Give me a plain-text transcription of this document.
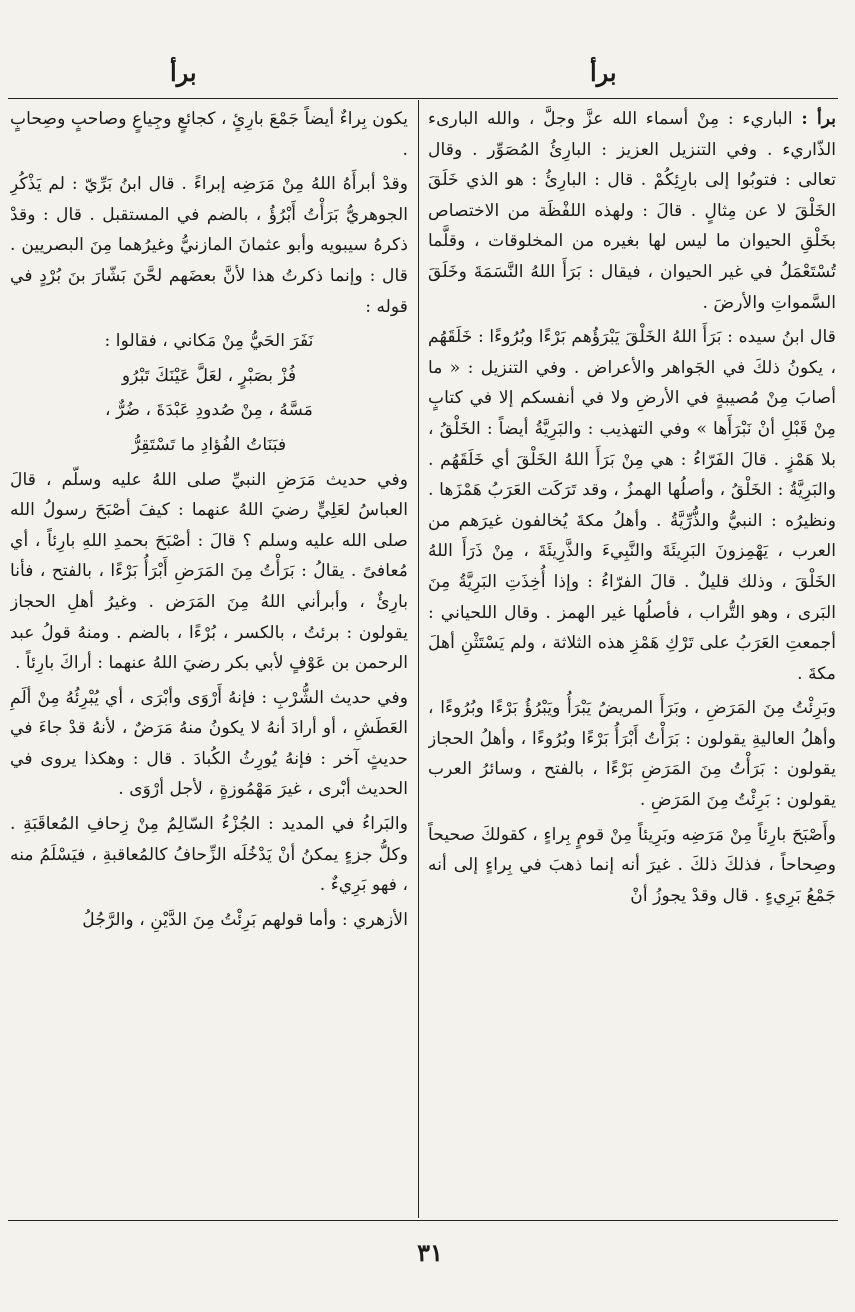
برأ
برأ

برأ : الباريء : مِنْ أسماء الله عزَّ وجلَّ ، والله البارىء الذّاريء . وفي التنزيل العزيز : البارِئُ المُصَوِّر . وقال تعالى : فتوبُوا إلى بارِئِكُمْ . قال : البارِئُ : هو الذي خَلَقَ الخَلْقَ لا عن مِثالٍ . قالَ : ولهذه اللفْظَة من الاختصاص بخَلْقِ الحيوان ما ليس لها بغيره من المخلوقات ، وقلَّما تُسْتَعْمَلُ في غير الحيوان ، فيقال : بَرَأَ اللهُ النَّسَمَةَ وخَلَقَ السَّمواتِ والأرضَ .

قال ابنُ سيده : بَرَأَ اللهُ الخَلْقَ يَبْرَؤُهم بَرْءًا وبُرُوءًا : خَلَقَهُم ، يكونُ ذلكَ في الجَواهر والأعراض . وفي التنزيل : « ما أصابَ مِنْ مُصيبةٍ في الأرضِ ولا في أنفسكم إلا في كتابٍ مِنْ قَبْلِ أنْ نَبْرَأَها » وفي التهذيب : والبَرِيَّةُ أيضاً : الخَلْقُ ، بلا هَمْزٍ . قالَ الفَرّاءُ : هي مِنْ بَرَأَ اللهُ الخَلْقَ أي خَلَقَهُم . والبَرِيَّةُ : الخَلْقُ ، وأصلُها الهمزُ ، وقد تَرَكَت العَرَبُ هَمْزَها . ونظيرُه : النبيُّ والذُّرِّيَّةُ . وأهلُ مكةَ يُخالفون غيرَهم من العرب ، يَهْمِزونَ البَرِيئَةَ والنَّبِيءَ والذَّرِيئَةَ ، مِنْ ذَرَأَ اللهُ الخَلْقَ ، وذلك قليلٌ . قالَ الفرّاءُ : وإذا أُخِذَتِ البَرِيَّةُ مِنَ البَرى ، وهو التُّراب ، فأصلُها غير الهمز . وقال اللحياني : أجمعتِ العَرَبُ على تَرْكِ هَمْزِ هذه الثلاثة ، ولم يَسْتَثْنِ أهلَ مكةَ .

وبَرِئْتُ مِنَ المَرَضِ ، وبَرَأَ المريضُ يَبْرَأُ ويَبْرُؤُ بَرْءًا وبُرُوءًا ، وأهلُ العاليةِ يقولون : بَرَأْتُ أَبْرَأُ بَرْءًا وبُرُوءًا ، وأهلُ الحجاز يقولون : بَرَأْتُ مِنَ المَرَضِ بَرْءًا ، بالفتح ، وسائرُ العرب يقولون : بَرِئْتُ مِنَ المَرَضِ .

وأَصْبَحَ بارِئاً مِنْ مَرَضِه وبَرِيئاً مِنْ قومٍ بِراءٍ ، كقولكَ صحيحاً وصِحاحاً ، فذلكَ ذلكَ . غيرَ أنه إنما ذهبَ في بِراءٍ إلى أنه جَمْعُ بَرِيءٍ . قال وقدْ يجوزُ أنْ

يكون بِراءٌ أيضاً جَمْعَ بارِئٍ ، كجائعٍ وجِياعٍ وصاحبٍ وصِحابٍ .

وقدْ أبرأَهُ اللهُ مِنْ مَرَضِه إبراءً . قال ابنُ بَرِّيّ : لم يَذْكُرِ الجوهريُّ بَرَأْتُ أَبْرُؤُ ، بالضم في المستقبل . قال : وقدْ ذكرهُ سيبويه وأبو عثمانَ المازنيُّ وغيرُهما مِنَ البصريين . قال : وإنما ذكرتُ هذا لأنَّ بعضَهم لحَّنَ بَشّارَ بنَ بُرْدٍ في قوله :

نَفَرَ الحَيُّ مِنْ مَكاني ، فقالوا :
فُزْ بصَبْرٍ ، لعَلَّ عَيْنَكَ تَبْرُو
مَسَّهُ ، مِنْ صُدودِ عَبْدَةَ ، ضُرٌّ ،
فبَنَاتُ الفُؤادِ ما تَسْتَقِرُّ

وفي حديث مَرَضِ النبيِّ صلى اللهُ عليه وسلّم ، قالَ العباسُ لعَلِيٍّ رضيَ اللهُ عنهما : كيفَ أصْبَحَ رسولُ الله صلى الله عليه وسلم ؟ قالَ : أصْبَحَ بحمدِ اللهِ بارِئاً ، أي مُعافىً . يقالُ : بَرَأْتُ مِنَ المَرَضِ أَبْرَأُ بَرْءًا ، بالفتح ، فأنا بارِئٌ ، وأبرأني اللهُ مِنَ المَرَض . وغيرُ أهلِ الحجاز يقولون : برئتُ ، بالكسر ، بُرْءًا ، بالضم . ومنهُ قولُ عبد الرحمن بن عَوْفٍ لأبي بكر رضيَ اللهُ عنهما : أراكَ بارِئاً .

وفي حديث الشُّرْبِ : فإنهُ أَرْوَى وأبْرَى ، أي يُبْرِئُهُ مِنْ ألَمِ العَطَشِ ، أو أرادَ أنهُ لا يكونُ منهُ مَرَضٌ ، لأنهُ قدْ جاءَ في حديثٍ آخر : فإنهُ يُورِثُ الكُبادَ . قال : وهكذا يروى في الحديث أبْرى ، غيرَ مَهْمُوزةٍ ، لأجل أرْوَى .

والبَراءُ في المديد : الجُزْءُ السّالِمُ مِنْ زِحافِ المُعاقَبَةِ . وكلُّ جزءٍ يمكنُ أنْ يَدْخُلَه الزِّحافُ كالمُعاقبةِ ، فيَسْلَمُ منه ، فهو بَرِيءٌ .

الأزهري : وأما قولهم بَرِئْتُ مِنَ الدَّيْنِ ، والرَّجُلُ

٣١
